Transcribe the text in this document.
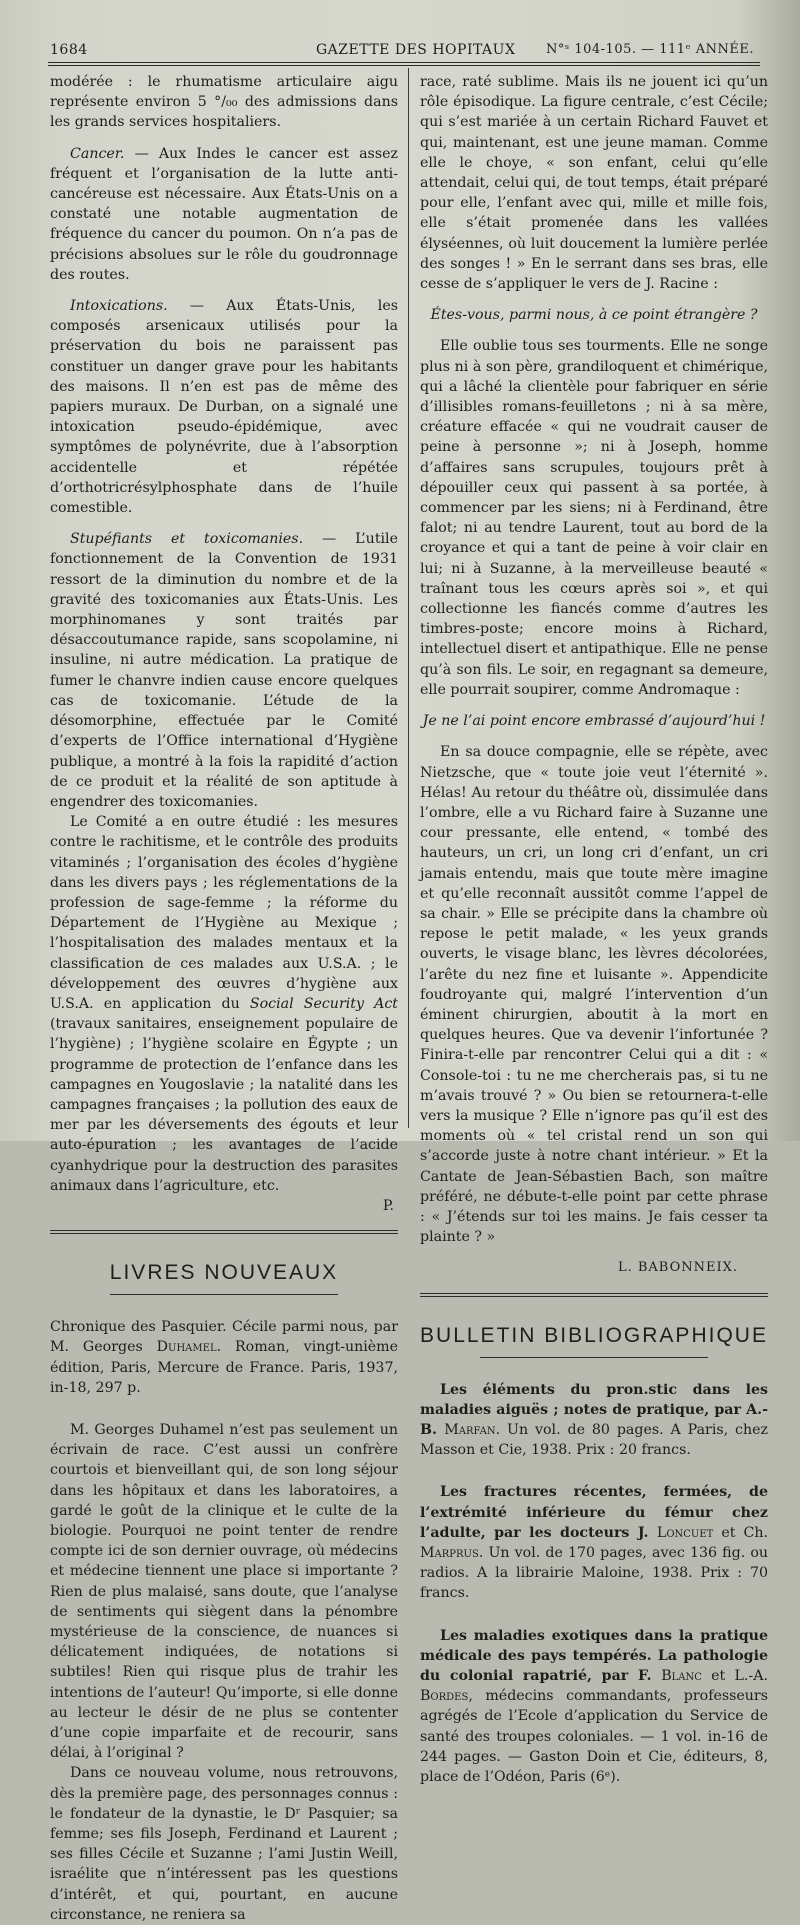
1684	GAZETTE DES HOPITAUX N°ˢ 104-105. — 111ᵉ ANNÉE.

modérée : le rhumatisme articulaire aigu représente environ 5 °/₀₀ des admissions dans les grands services hospitaliers.

Cancer. — Aux Indes le cancer est assez fréquent et l’organisation de la lutte anti-cancéreuse est nécessaire. Aux États-Unis on a constaté une notable augmentation de fréquence du cancer du poumon. On n’a pas de précisions absolues sur le rôle du goudronnage des routes.

Intoxications. — Aux États-Unis, les composés arsenicaux utilisés pour la préservation du bois ne paraissent pas constituer un danger grave pour les habitants des maisons. Il n’en est pas de même des papiers muraux. De Durban, on a signalé une intoxication pseudo-épidémique, avec symptômes de polynévrite, due à l’absorption accidentelle et répétée d’orthotricrésylphosphate dans de l’huile comestible.

Stupéfiants et toxicomanies. — L’utile fonctionnement de la Convention de 1931 ressort de la diminution du nombre et de la gravité des toxicomanies aux États-Unis. Les morphinomanes y sont traités par désaccoutumance rapide, sans scopolamine, ni insuline, ni autre médication. La pratique de fumer le chanvre indien cause encore quelques cas de toxicomanie. L’étude de la désomorphine, effectuée par le Comité d’experts de l’Office international d’Hygiène publique, a montré à la fois la rapidité d’action de ce produit et la réalité de son aptitude à engendrer des toxicomanies.

Le Comité a en outre étudié : les mesures contre le rachitisme, et le contrôle des produits vitaminés ; l’organisation des écoles d’hygiène dans les divers pays ; les réglementations de la profession de sage-femme ; la réforme du Département de l’Hygiène au Mexique ; l’hospitalisation des malades mentaux et la classification de ces malades aux U.S.A. ; le développement des œuvres d’hygiène aux U.S.A. en application du Social Security Act (travaux sanitaires, enseignement populaire de l’hygiène) ; l’hygiène scolaire en Égypte ; un programme de protection de l’enfance dans les campagnes en Yougoslavie ; la natalité dans les campagnes françaises ; la pollution des eaux de mer par les déversements des égouts et leur auto-épuration ; les avantages de l’acide cyanhydrique pour la destruction des parasites animaux dans l’agriculture, etc.

P.

LIVRES NOUVEAUX

Chronique des Pasquier. Cécile parmi nous, par M. Georges Duhamel. Roman, vingt-unième édition, Paris, Mercure de France. Paris, 1937, in-18, 297 p.

M. Georges Duhamel n’est pas seulement un écrivain de race. C’est aussi un confrère courtois et bienveillant qui, de son long séjour dans les hôpitaux et dans les laboratoires, a gardé le goût de la clinique et le culte de la biologie. Pourquoi ne point tenter de rendre compte ici de son dernier ouvrage, où médecins et médecine tiennent une place si importante ? Rien de plus malaisé, sans doute, que l’analyse de sentiments qui siègent dans la pénombre mystérieuse de la conscience, de nuances si délicatement indiquées, de notations si subtiles! Rien qui risque plus de trahir les intentions de l’auteur! Qu’importe, si elle donne au lecteur le désir de ne plus se contenter d’une copie imparfaite et de recourir, sans délai, à l’original ?

Dans ce nouveau volume, nous retrouvons, dès la première page, des personnages connus : le fondateur de la dynastie, le Dʳ Pasquier; sa femme; ses fils Joseph, Ferdinand et Laurent ; ses filles Cécile et Suzanne ; l’ami Justin Weill, israélite que n’intéressent pas les questions d’intérêt, et qui, pourtant, en aucune circonstance, ne reniera sa

race, raté sublime. Mais ils ne jouent ici qu’un rôle épisodique. La figure centrale, c’est Cécile; qui s’est mariée à un certain Richard Fauvet et qui, maintenant, est une jeune maman. Comme elle le choye, « son enfant, celui qu’elle attendait, celui qui, de tout temps, était préparé pour elle, l’enfant avec qui, mille et mille fois, elle s’était promenée dans les vallées élyséennes, où luit doucement la lumière perlée des songes ! » En le serrant dans ses bras, elle cesse de s’appliquer le vers de J. Racine :

Étes-vous, parmi nous, à ce point étrangère ?

Elle oublie tous ses tourments. Elle ne songe plus ni à son père, grandiloquent et chimérique, qui a lâché la clientèle pour fabriquer en série d’illisibles romans-feuilletons ; ni à sa mère, créature effacée « qui ne voudrait causer de peine à personne »; ni à Joseph, homme d’affaires sans scrupules, toujours prêt à dépouiller ceux qui passent à sa portée, à commencer par les siens; ni à Ferdinand, être falot; ni au tendre Laurent, tout au bord de la croyance et qui a tant de peine à voir clair en lui; ni à Suzanne, à la merveilleuse beauté « traînant tous les cœurs après soi », et qui collectionne les fiancés comme d’autres les timbres-poste; encore moins à Richard, intellectuel disert et antipathique. Elle ne pense qu’à son fils. Le soir, en regagnant sa demeure, elle pourrait soupirer, comme Andromaque :

Je ne l’ai point encore embrassé d’aujourd’hui !

En sa douce compagnie, elle se répète, avec Nietzsche, que « toute joie veut l’éternité ». Hélas! Au retour du théâtre où, dissimulée dans l’ombre, elle a vu Richard faire à Suzanne une cour pressante, elle entend, « tombé des hauteurs, un cri, un long cri d’enfant, un cri jamais entendu, mais que toute mère imagine et qu’elle reconnaît aussitôt comme l’appel de sa chair. » Elle se précipite dans la chambre où repose le petit malade, « les yeux grands ouverts, le visage blanc, les lèvres décolorées, l’arête du nez fine et luisante ». Appendicite foudroyante qui, malgré l’intervention d’un éminent chirurgien, aboutit à la mort en quelques heures. Que va devenir l’infortunée ? Finira-t-elle par rencontrer Celui qui a dit : « Console-toi : tu ne me chercherais pas, si tu ne m’avais trouvé ? » Ou bien se retournera-t-elle vers la musique ? Elle n’ignore pas qu’il est des moments où « tel cristal rend un son qui s’accorde juste à notre chant intérieur. » Et la Cantate de Jean-Sébastien Bach, son maître préféré, ne débute-t-elle point par cette phrase : « J’étends sur toi les mains. Je fais cesser ta plainte ? »

L. BABONNEIX.

BULLETIN BIBLIOGRAPHIQUE

Les éléments du pron․stic dans les maladies aiguës ; notes de pratique, par A.-B. Marfan. Un vol. de 80 pages. A Paris, chez Masson et Cie, 1938. Prix : 20 francs.

Les fractures récentes, fermées, de l’extrémité inférieure du fémur chez l’adulte, par les docteurs J. Loncuet et Ch. Marprus. Un vol. de 170 pages, avec 136 fig. ou radios. A la librairie Maloine, 1938. Prix : 70 francs.

Les maladies exotiques dans la pratique médicale des pays tempérés. La pathologie du colonial rapatrié, par F. Blanc et L.-A. Bordes, médecins commandants, professeurs agrégés de l’Ecole d’application du Service de santé des troupes coloniales. — 1 vol. in-16 de 244 pages. — Gaston Doin et Cie, éditeurs, 8, place de l’Odéon, Paris (6ᵉ).
